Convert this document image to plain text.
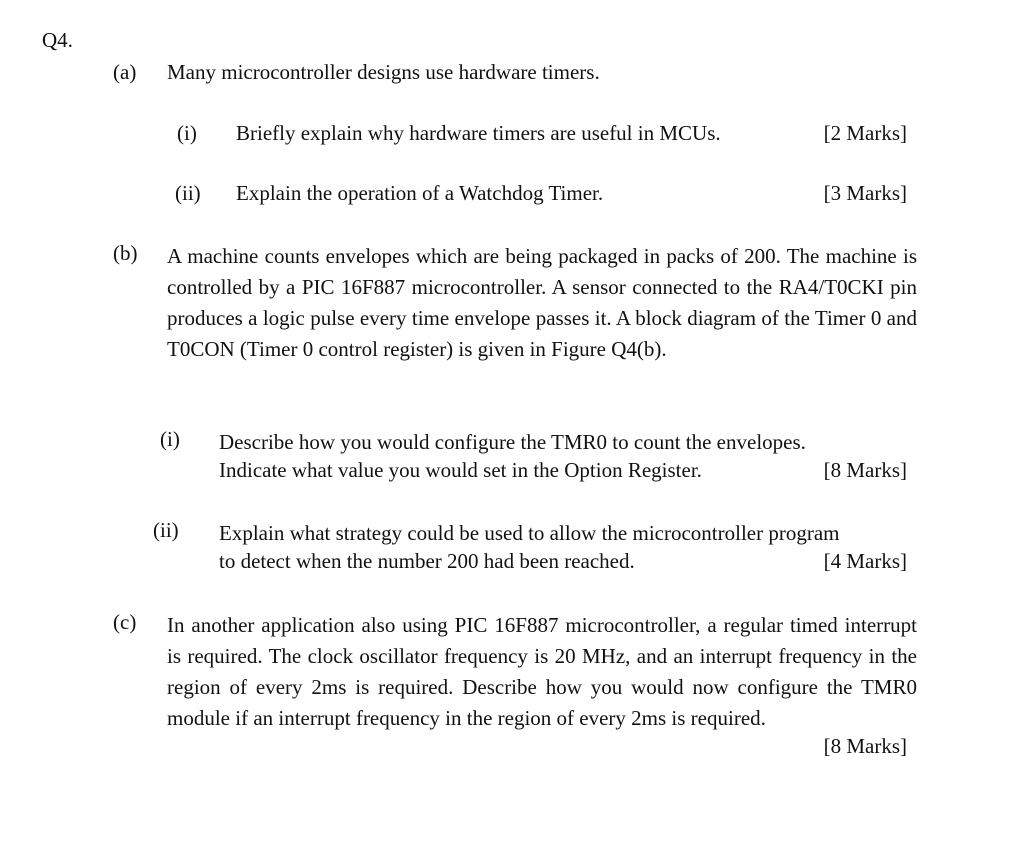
Q4.
(a) Many microcontroller designs use hardware timers.
(i) Briefly explain why hardware timers are useful in MCUs.	[2 Marks]
(ii) Explain the operation of a Watchdog Timer.	[3 Marks]
(b) A machine counts envelopes which are being packaged in packs of 200. The machine is controlled by a PIC 16F887 microcontroller. A sensor connected to the RA4/T0CKI pin produces a logic pulse every time envelope passes it. A block diagram of the Timer 0 and T0CON (Timer 0 control register) is given in Figure Q4(b).
(i) Describe how you would configure the TMR0 to count the envelopes.
Indicate what value you would set in the Option Register.	[8 Marks]
(ii) Explain what strategy could be used to allow the microcontroller program
to detect when the number 200 had been reached.	[4 Marks]
(c) In another application also using PIC 16F887 microcontroller, a regular timed interrupt is required. The clock oscillator frequency is 20 MHz, and an interrupt frequency in the region of every 2ms is required. Describe how you would now configure the TMR0 module if an interrupt frequency in the region of every 2ms is required.
[8 Marks]
